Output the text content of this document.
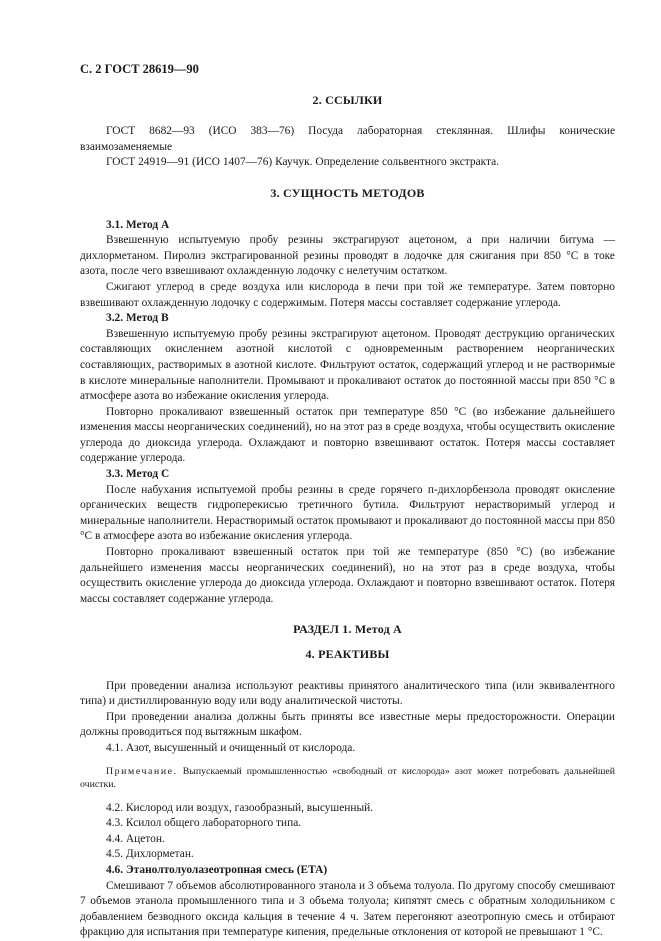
С. 2 ГОСТ 28619—90
2. ССЫЛКИ

ГОСТ 8682—93 (ИСО 383—76) Посуда лабораторная стеклянная. Шлифы конические взаимозаменяемые

ГОСТ 24919—91 (ИСО 1407—76) Каучук. Определение сольвентного экстракта.

3. СУЩНОСТЬ МЕТОДОВ
3.1. Метод А

Взвешенную испытуемую пробу резины экстрагируют ацетоном, а при наличии битума — дихлорметаном. Пиролиз экстрагированной резины проводят в лодочке для сжигания при 850 °С в токе азота, после чего взвешивают охлажденную лодочку с нелетучим остатком.

Сжигают углерод в среде воздуха или кислорода в печи при той же температуре. Затем повторно взвешивают охлажденную лодочку с содержимым. Потеря массы составляет содержание углерода.

3.2. Метод В

Взвешенную испытуемую пробу резины экстрагируют ацетоном. Проводят деструкцию органических составляющих окислением азотной кислотой с одновременным растворением неорганических составляющих, растворимых в азотной кислоте. Фильтруют остаток, содержащий углерод и не растворимые в кислоте минеральные наполнители. Промывают и прокаливают остаток до постоянной массы при 850 °С в атмосфере азота во избежание окисления углерода.

Повторно прокаливают взвешенный остаток при температуре 850 °С (во избежание дальнейшего изменения массы неорганических соединений), но на этот раз в среде воздуха, чтобы осуществить окисление углерода до диоксида углерода. Охлаждают и повторно взвешивают остаток. Потеря массы составляет содержание углерода.

3.3. Метод С

После набухания испытуемой пробы резины в среде горячего п-дихлорбензола проводят окисление органических веществ гидроперекисью третичного бутила. Фильтруют нерастворимый углерод и минеральные наполнители. Нерастворимый остаток промывают и прокаливают до постоянной массы при 850 °С в атмосфере азота во избежание окисления углерода.

Повторно прокаливают взвешенный остаток при той же температуре (850 °С) (во избежание дальнейшего изменения массы неорганических соединений), но на этот раз в среде воздуха, чтобы осуществить окисление углерода до диоксида углерода. Охлаждают и повторно взвешивают остаток. Потеря массы составляет содержание углерода.

РАЗДЕЛ 1. Метод А
4. РЕАКТИВЫ

При проведении анализа используют реактивы принятого аналитического типа (или эквивалентного типа) и дистиллированную воду или воду аналитической чистоты.

При проведении анализа должны быть приняты все известные меры предосторожности. Операции должны проводиться под вытяжным шкафом.

4.1. Азот, высушенный и очищенный от кислорода.
Примечание. Выпускаемый промышленностью «свободный от кислорода» азот может потребовать дальнейшей очистки.
4.2. Кислород или воздух, газообразный, высушенный.
4.3. Ксилол общего лабораторного типа.
4.4. Ацетон.
4.5. Дихлорметан.
4.6. Этанолтолуолазеотропная смесь (ЕТА)

Смешивают 7 объемов абсолютированного этанола и 3 объема толуола. По другому способу смешивают 7 объемов этанола промышленного типа и 3 объема толуола; кипятят смесь с обратным холодильником с добавлением безводного оксида кальция в течение 4 ч. Затем перегоняют азеотропную смесь и отбирают фракцию для испытания при температуре кипения, предельные отклонения от которой не превышают 1 °С.
